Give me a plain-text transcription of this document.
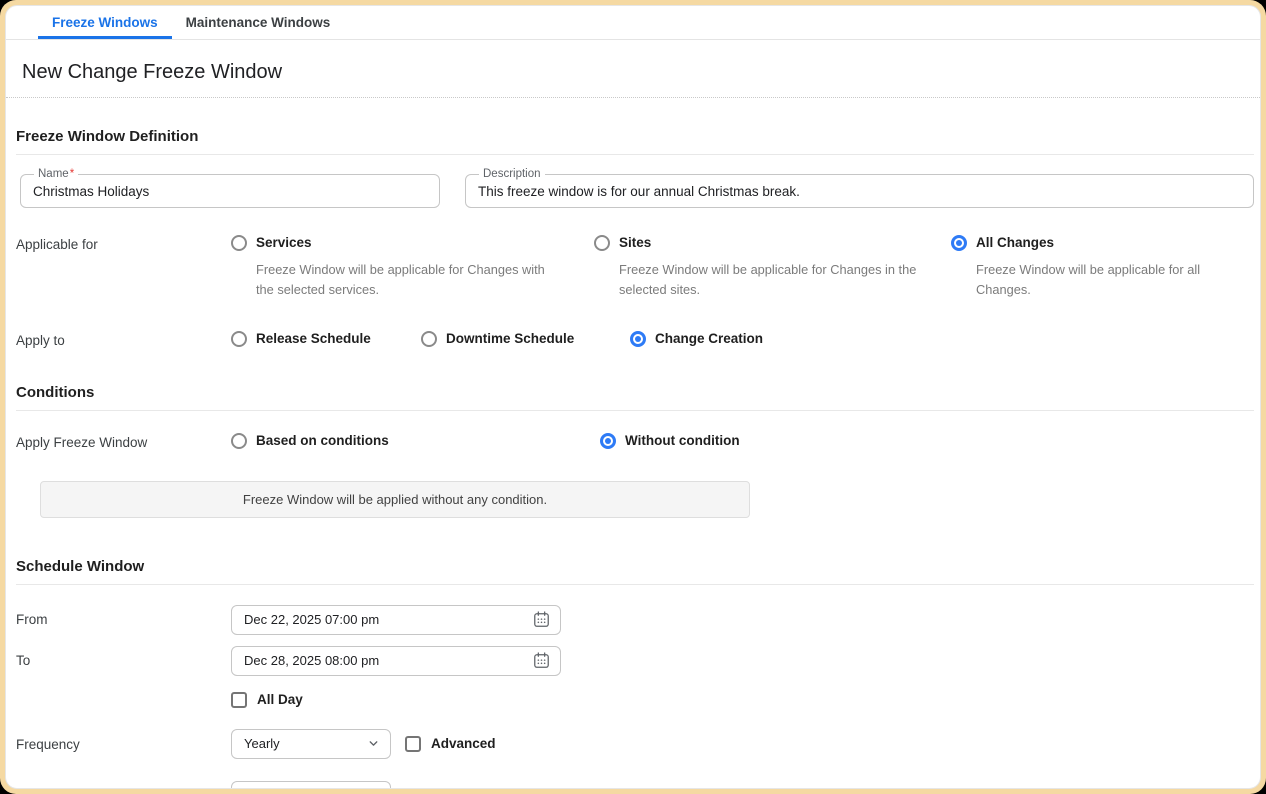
Freeze Windows	Maintenance Windows
New Change Freeze Window
Freeze Window Definition
Name*
Christmas Holidays	Description
This freeze window is for our annual Christmas break.
Applicable for	Services
Freeze Window will be applicable for Changes with the selected services.
Sites
Freeze Window will be applicable for Changes in the selected sites.
All Changes
Freeze Window will be applicable for all Changes.
Apply to	Release Schedule	Downtime Schedule	Change Creation
Conditions
Apply Freeze Window	Based on conditions	Without condition
Freeze Window will be applied without any condition.
Schedule Window
From
Dec 22, 2025 07:00 pm
To
Dec 28, 2025 08:00 pm
All Day
Frequency	Yearly	Advanced
